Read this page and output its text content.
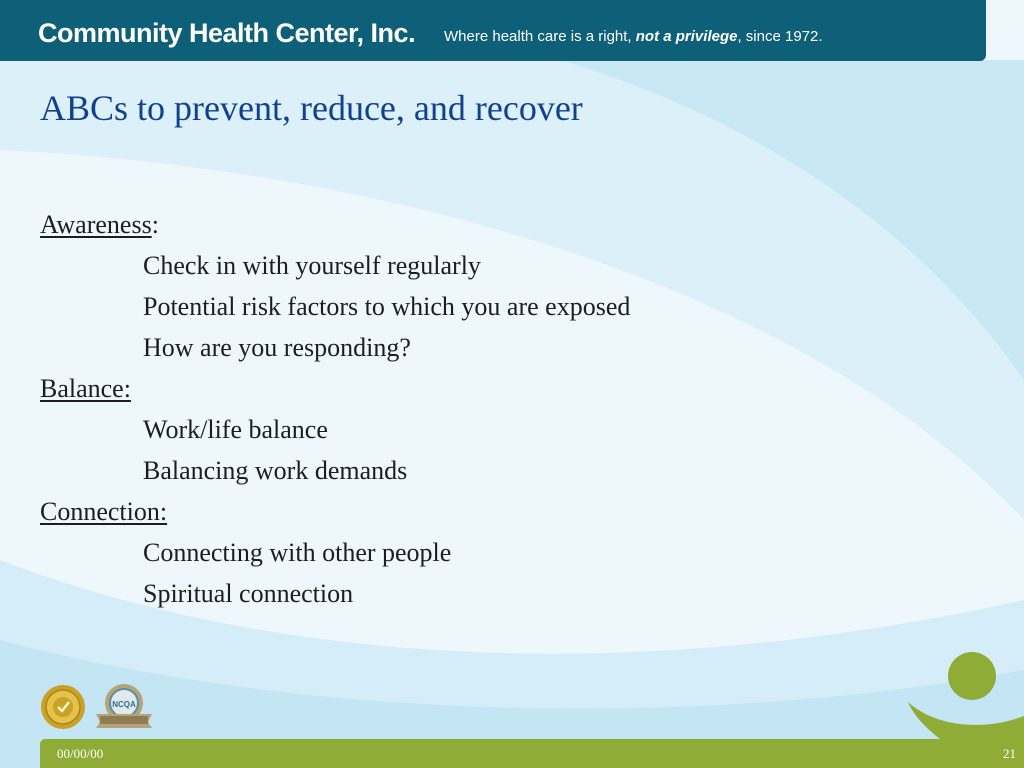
Community Health Center, Inc. Where health care is a right, not a privilege, since 1972.
ABCs to prevent, reduce, and recover
Awareness:
Check in with yourself regularly
Potential risk factors to which you are exposed
How are you responding?
Balance:
Work/life balance
Balancing work demands
Connection:
Connecting with other people
Spiritual connection
NCQA
00/00/00	21
